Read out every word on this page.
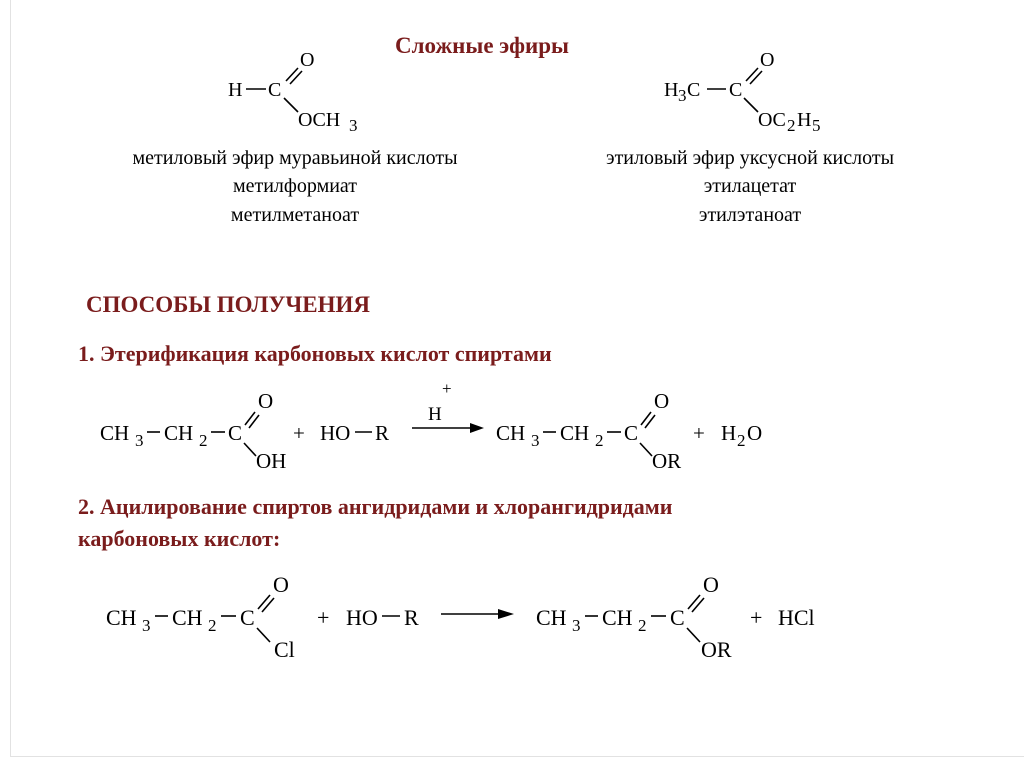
Сложные эфиры
H C
O
OCH 3
H 3 C C
O
OC 2 H 5
метиловый эфир муравьиной кислоты
метилформиат
метилметаноат
этиловый эфир уксусной кислоты
этилацетат
этилэтаноат
СПОСОБЫ ПОЛУЧЕНИЯ
1. Этерификация карбоновых кислот спиртами
CH 3 CH 2 C
O
OH
+ HO R
+
H
CH 3 CH 2 C
O
OR
+ H 2 O
2. Ацилирование спиртов ангидридами и хлорангидридами
карбоновых кислот:
CH 3 CH 2 C
O
Cl
+ HO R	CH 3 CH 2 C
O
OR
+ HCl
